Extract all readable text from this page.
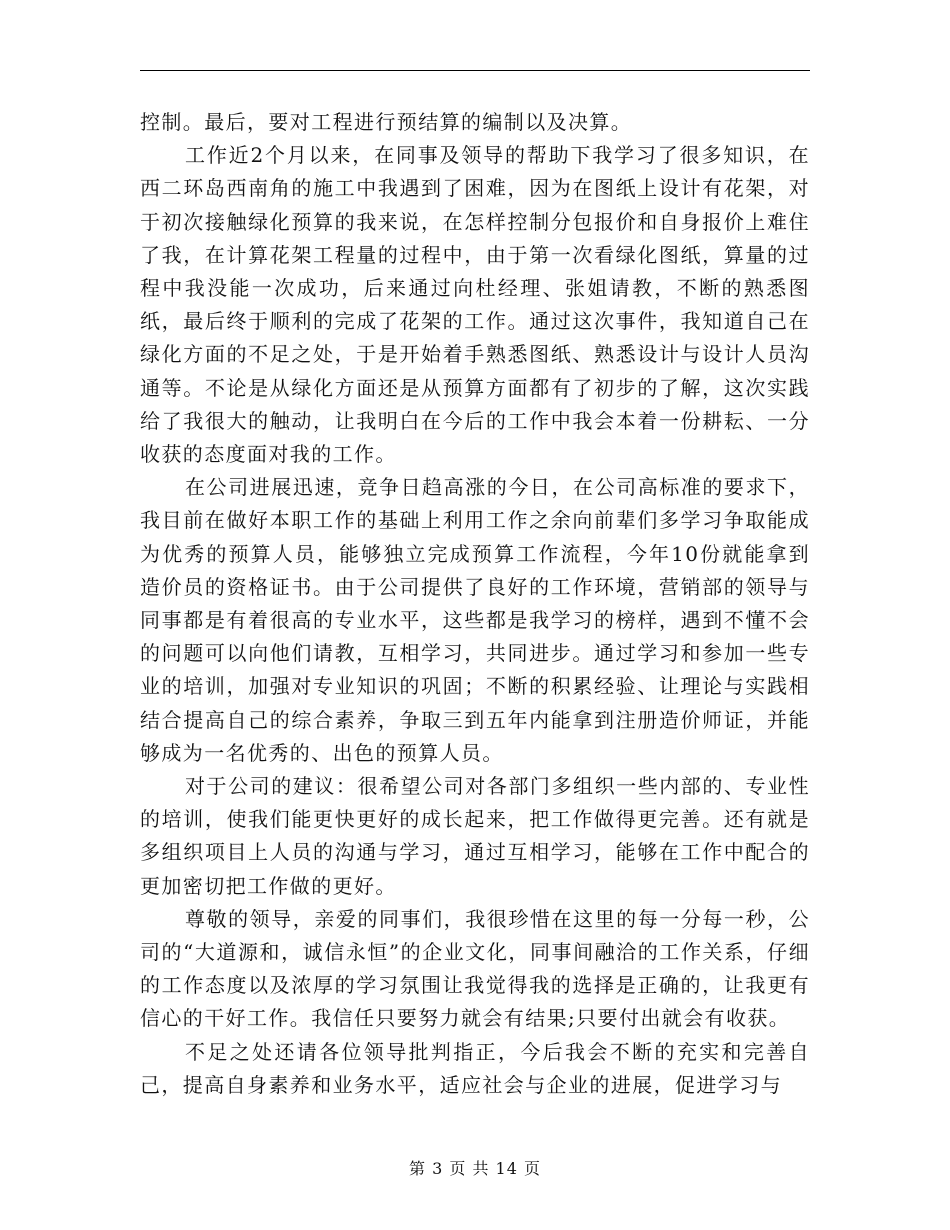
控制。最后，要对工程进行预结算的编制以及决算。

工作近2个月以来，在同事及领导的帮助下我学习了很多知识，在西二环岛西南角的施工中我遇到了困难，因为在图纸上设计有花架，对于初次接触绿化预算的我来说，在怎样控制分包报价和自身报价上难住了我，在计算花架工程量的过程中，由于第一次看绿化图纸，算量的过程中我没能一次成功，后来通过向杜经理、张姐请教，不断的熟悉图纸，最后终于顺利的完成了花架的工作。通过这次事件，我知道自己在绿化方面的不足之处，于是开始着手熟悉图纸、熟悉设计与设计人员沟通等。不论是从绿化方面还是从预算方面都有了初步的了解，这次实践给了我很大的触动，让我明白在今后的工作中我会本着一份耕耘、一分收获的态度面对我的工作。

在公司进展迅速，竞争日趋高涨的今日，在公司高标准的要求下，我目前在做好本职工作的基础上利用工作之余向前辈们多学习争取能成为优秀的预算人员，能够独立完成预算工作流程，今年10份就能拿到造价员的资格证书。由于公司提供了良好的工作环境，营销部的领导与同事都是有着很高的专业水平，这些都是我学习的榜样，遇到不懂不会的问题可以向他们请教，互相学习，共同进步。通过学习和参加一些专业的培训，加强对专业知识的巩固；不断的积累经验、让理论与实践相结合提高自己的综合素养，争取三到五年内能拿到注册造价师证，并能够成为一名优秀的、出色的预算人员。

对于公司的建议：很希望公司对各部门多组织一些内部的、专业性的培训，使我们能更快更好的成长起来，把工作做得更完善。还有就是多组织项目上人员的沟通与学习，通过互相学习，能够在工作中配合的更加密切把工作做的更好。

尊敬的领导，亲爱的同事们，我很珍惜在这里的每一分每一秒，公司的“大道源和，诚信永恒”的企业文化，同事间融洽的工作关系，仔细的工作态度以及浓厚的学习氛围让我觉得我的选择是正确的，让我更有信心的干好工作。我信任只要努力就会有结果;只要付出就会有收获。

不足之处还请各位领导批判指正，今后我会不断的充实和完善自己，提高自身素养和业务水平，适应社会与企业的进展，促进学习与

第 3 页 共 14 页
